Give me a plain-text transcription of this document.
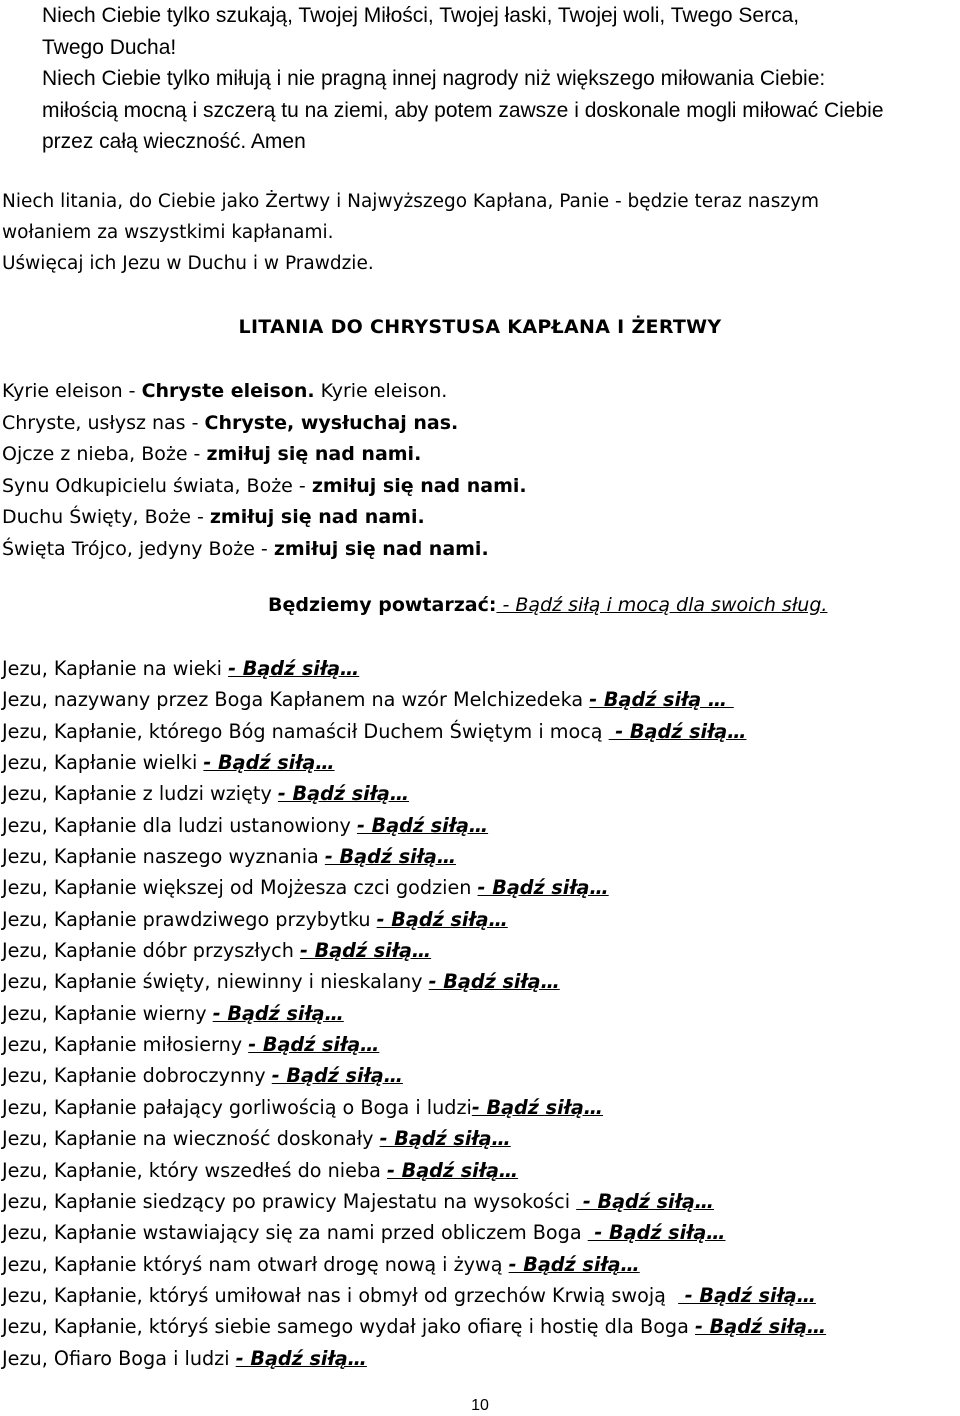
Niech Ciebie tylko szukają, Twojej Miłości, Twojej łaski, Twojej woli, Twego Serca,
Twego Ducha!
Niech Ciebie tylko miłują i nie pragną innej nagrody niż większego miłowania Ciebie:
miłością mocną i szczerą tu na ziemi, aby potem zawsze i doskonale mogli miłować Ciebie
przez całą wieczność. Amen
Niech litania, do Ciebie jako Żertwy i Najwyższego Kapłana, Panie - będzie teraz naszym
wołaniem za wszystkimi kapłanami.
Uświęcaj ich Jezu w Duchu i w Prawdzie.
LITANIA DO CHRYSTUSA KAPŁANA I ŻERTWY
Kyrie eleison - Chryste eleison. Kyrie eleison.
Chryste, usłysz nas - Chryste, wysłuchaj nas.
Ojcze z nieba, Boże - zmiłuj się nad nami.
Synu Odkupicielu świata, Boże - zmiłuj się nad nami.
Duchu Święty, Boże - zmiłuj się nad nami.
Święta Trójco, jedyny Boże - zmiłuj się nad nami.
Będziemy powtarzać: - Bądź siłą i mocą dla swoich sług.
Jezu, Kapłanie na wieki - Bądź siłą…
Jezu, nazywany przez Boga Kapłanem na wzór Melchizedeka - Bądź siłą …
Jezu, Kapłanie, którego Bóg namaścił Duchem Świętym i mocą  - Bądź siłą…
Jezu, Kapłanie wielki - Bądź siłą…
Jezu, Kapłanie z ludzi wzięty - Bądź siłą…
Jezu, Kapłanie dla ludzi ustanowiony - Bądź siłą…
Jezu, Kapłanie naszego wyznania - Bądź siłą…
Jezu, Kapłanie większej od Mojżesza czci godzien - Bądź siłą…
Jezu, Kapłanie prawdziwego przybytku - Bądź siłą…
Jezu, Kapłanie dóbr przyszłych - Bądź siłą…
Jezu, Kapłanie święty, niewinny i nieskalany - Bądź siłą…
Jezu, Kapłanie wierny - Bądź siłą…
Jezu, Kapłanie miłosierny - Bądź siłą…
Jezu, Kapłanie dobroczynny - Bądź siłą…
Jezu, Kapłanie pałający gorliwością o Boga i ludzi- Bądź siłą…
Jezu, Kapłanie na wieczność doskonały - Bądź siłą…
Jezu, Kapłanie, który wszedłeś do nieba - Bądź siłą…
Jezu, Kapłanie siedzący po prawicy Majestatu na wysokości  - Bądź siłą…
Jezu, Kapłanie wstawiający się za nami przed obliczem Boga  - Bądź siłą…
Jezu, Kapłanie któryś nam otwarł drogę nową i żywą - Bądź siłą…
Jezu, Kapłanie, któryś umiłował nas i obmył od grzechów Krwią swoją   - Bądź siłą…
Jezu, Kapłanie, któryś siebie samego wydał jako ofiarę i hostię dla Boga - Bądź siłą…
Jezu, Ofiaro Boga i ludzi - Bądź siłą…
10
